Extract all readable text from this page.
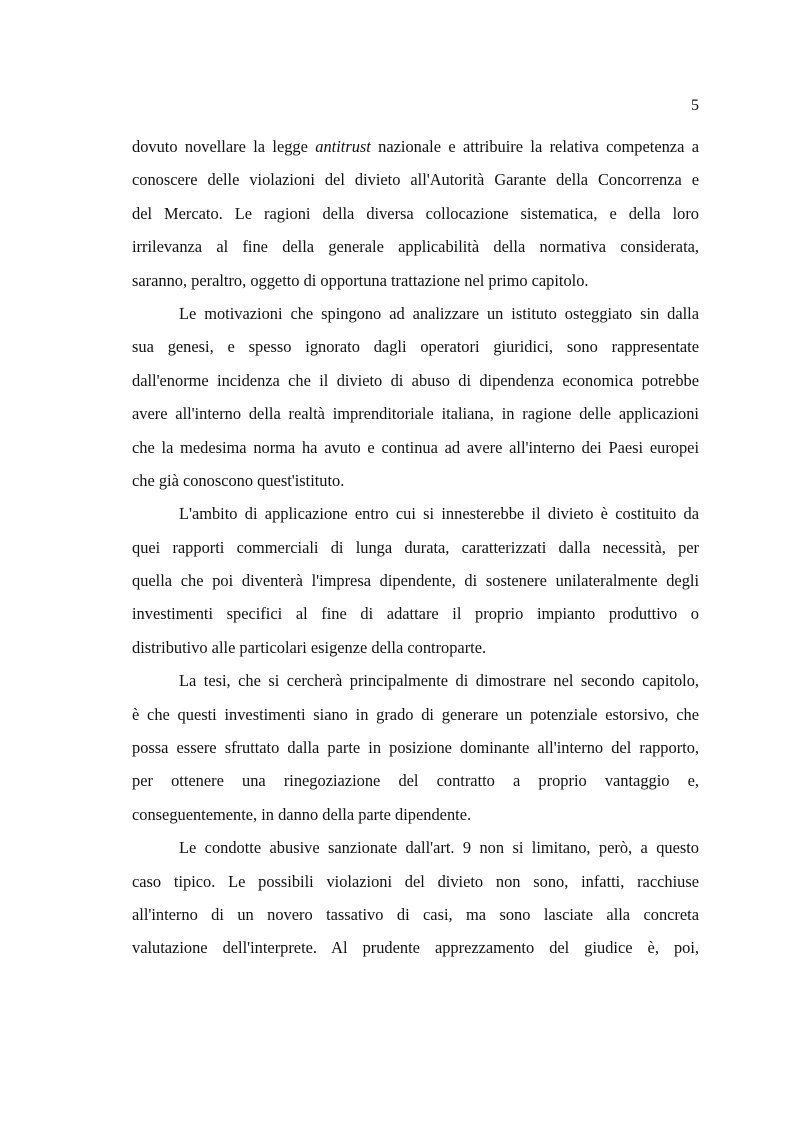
5
dovuto novellare la legge antitrust nazionale e attribuire la relativa competenza a
conoscere delle violazioni del divieto all'Autorità Garante della Concorrenza e
del Mercato. Le ragioni della diversa collocazione sistematica, e della loro
irrilevanza al fine della generale applicabilità della normativa considerata,
saranno, peraltro, oggetto di opportuna trattazione nel primo capitolo.
Le motivazioni che spingono ad analizzare un istituto osteggiato sin dalla
sua genesi, e spesso ignorato dagli operatori giuridici, sono rappresentate
dall'enorme incidenza che il divieto di abuso di dipendenza economica potrebbe
avere all'interno della realtà imprenditoriale italiana, in ragione delle applicazioni
che la medesima norma ha avuto e continua ad avere all'interno dei Paesi europei
che già conoscono quest'istituto.
L'ambito di applicazione entro cui si innesterebbe il divieto è costituito da
quei rapporti commerciali di lunga durata, caratterizzati dalla necessità, per
quella che poi diventerà l'impresa dipendente, di sostenere unilateralmente degli
investimenti specifici al fine di adattare il proprio impianto produttivo o
distributivo alle particolari esigenze della controparte.
La tesi, che si cercherà principalmente di dimostrare nel secondo capitolo,
è che questi investimenti siano in grado di generare un potenziale estorsivo, che
possa essere sfruttato dalla parte in posizione dominante all'interno del rapporto,
per ottenere una rinegoziazione del contratto a proprio vantaggio e,
conseguentemente, in danno della parte dipendente.
Le condotte abusive sanzionate dall'art. 9 non si limitano, però, a questo
caso tipico. Le possibili violazioni del divieto non sono, infatti, racchiuse
all'interno di un novero tassativo di casi, ma sono lasciate alla concreta
valutazione dell'interprete. Al prudente apprezzamento del giudice è, poi,
